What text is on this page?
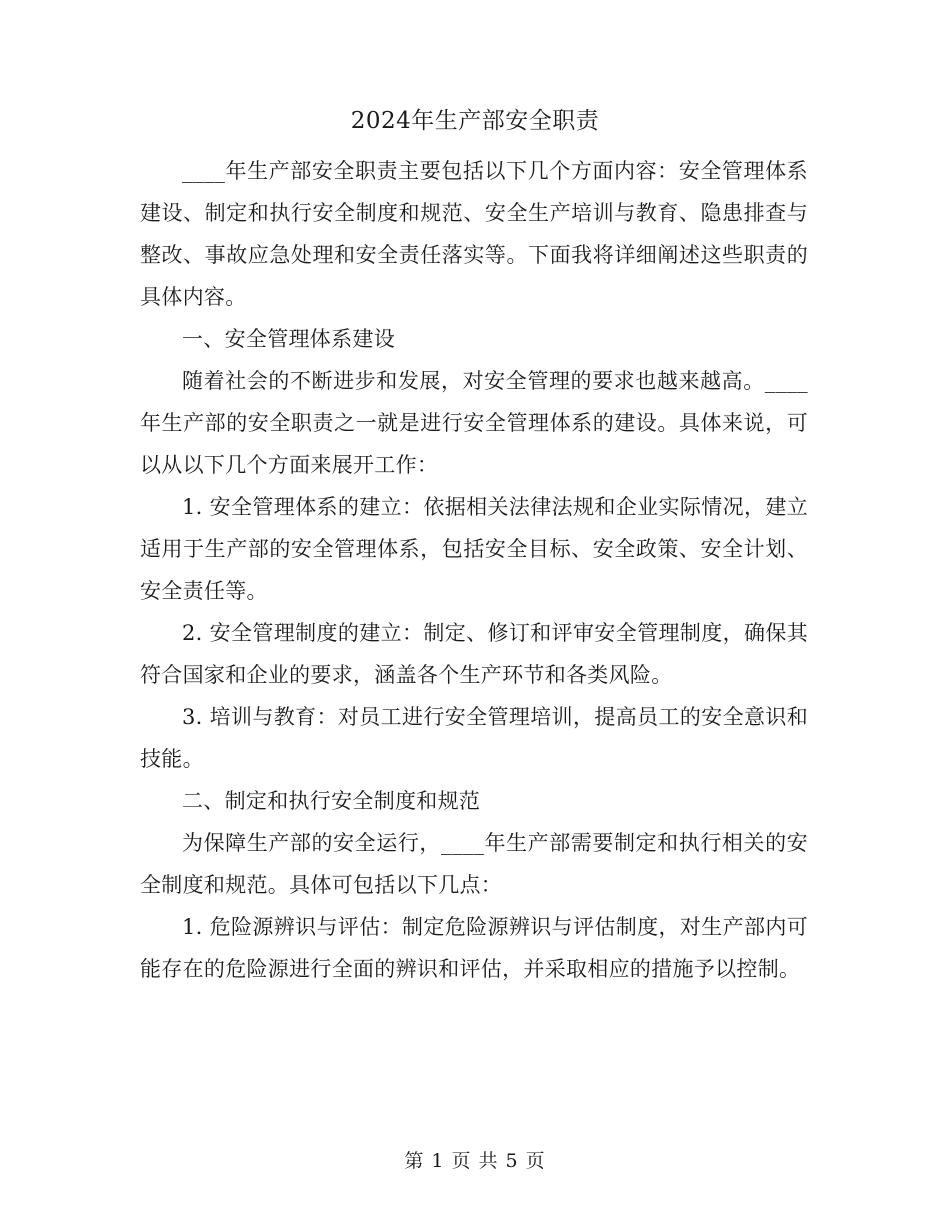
2024年生产部安全职责

____年生产部安全职责主要包括以下几个方面内容：安全管理体系建设、制定和执行安全制度和规范、安全生产培训与教育、隐患排查与整改、事故应急处理和安全责任落实等。下面我将详细阐述这些职责的具体内容。

一、安全管理体系建设

随着社会的不断进步和发展，对安全管理的要求也越来越高。____年生产部的安全职责之一就是进行安全管理体系的建设。具体来说，可以从以下几个方面来展开工作：

1. 安全管理体系的建立：依据相关法律法规和企业实际情况，建立适用于生产部的安全管理体系，包括安全目标、安全政策、安全计划、安全责任等。

2. 安全管理制度的建立：制定、修订和评审安全管理制度，确保其符合国家和企业的要求，涵盖各个生产环节和各类风险。

3. 培训与教育：对员工进行安全管理培训，提高员工的安全意识和技能。

二、制定和执行安全制度和规范

为保障生产部的安全运行，____年生产部需要制定和执行相关的安全制度和规范。具体可包括以下几点：

1. 危险源辨识与评估：制定危险源辨识与评估制度，对生产部内可能存在的危险源进行全面的辨识和评估，并采取相应的措施予以控制。

第 1 页 共 5 页
